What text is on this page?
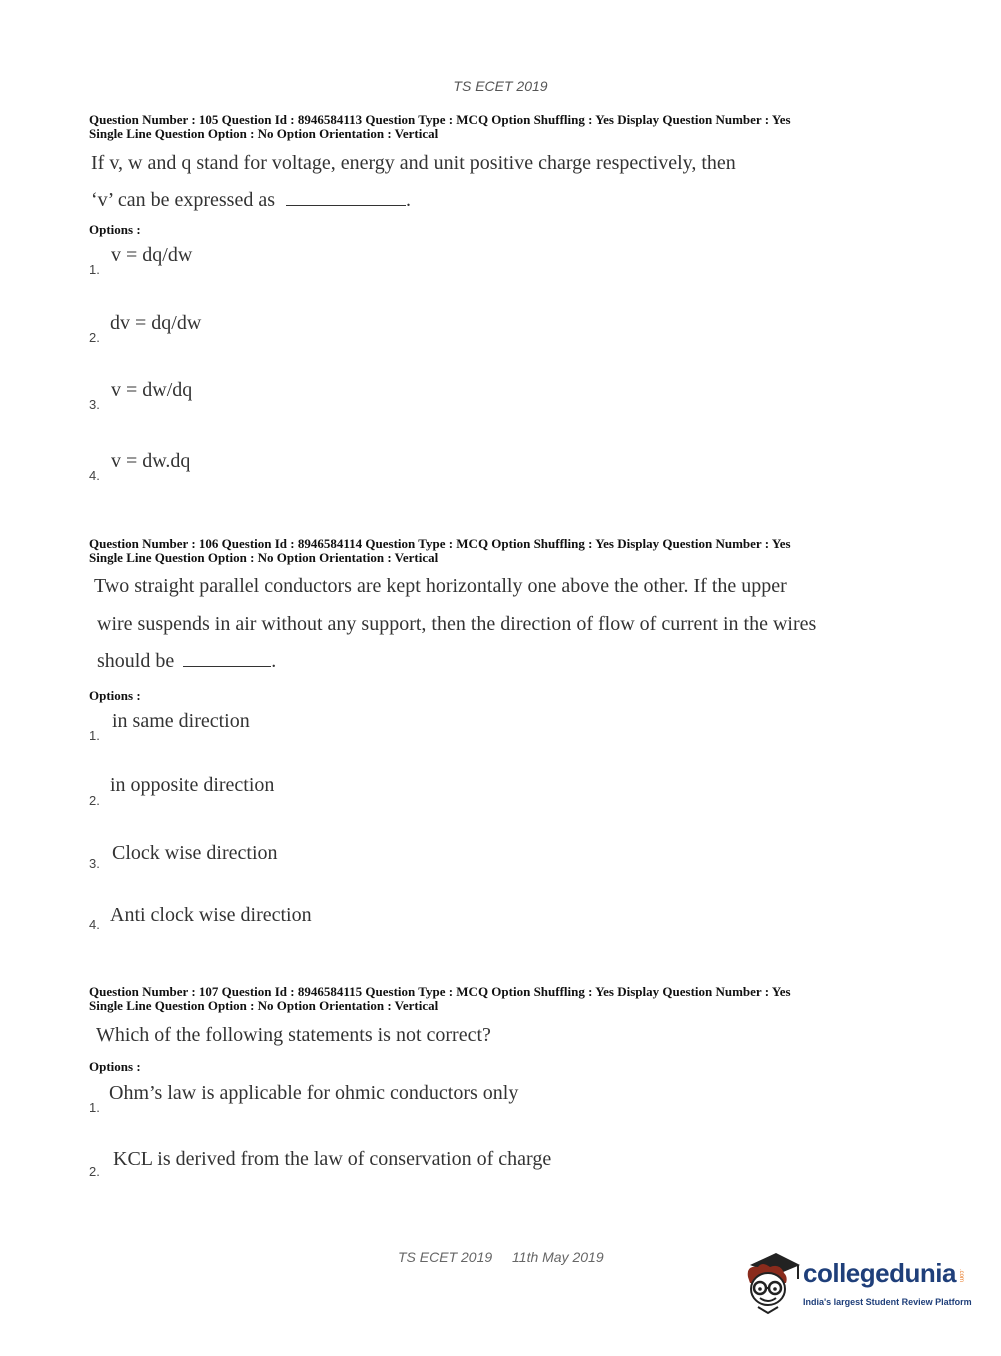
TS ECET 2019
Question Number : 105 Question Id : 8946584113 Question Type : MCQ Option Shuffling : Yes Display Question Number : Yes
Single Line Question Option : No Option Orientation : Vertical
If v, w and q stand for voltage, energy and unit positive charge respectively, then
‘v’ can be expressed as	.
Options :
1.
v = dq/dw
2.
dv = dq/dw
3.
v = dw/dq
4.
v = dw.dq
Question Number : 106 Question Id : 8946584114 Question Type : MCQ Option Shuffling : Yes Display Question Number : Yes
Single Line Question Option : No Option Orientation : Vertical
Two straight parallel conductors are kept horizontally one above the other. If the upper
wire suspends in air without any support, then the direction of flow of current in the wires
should be	.
Options :
1.
in same direction
2.
in opposite direction
3. Clock wise direction
4. Anti clock wise direction
Question Number : 107 Question Id : 8946584115 Question Type : MCQ Option Shuffling : Yes Display Question Number : Yes
Single Line Question Option : No Option Orientation : Vertical
Which of the following statements is not correct?
Options :
1.
Ohm’s law is applicable for ohmic conductors only
2.
KCL is derived from the law of conservation of charge
TS ECET 2019 11th May 2019
collegedunia .com
India's largest Student Review Platform
